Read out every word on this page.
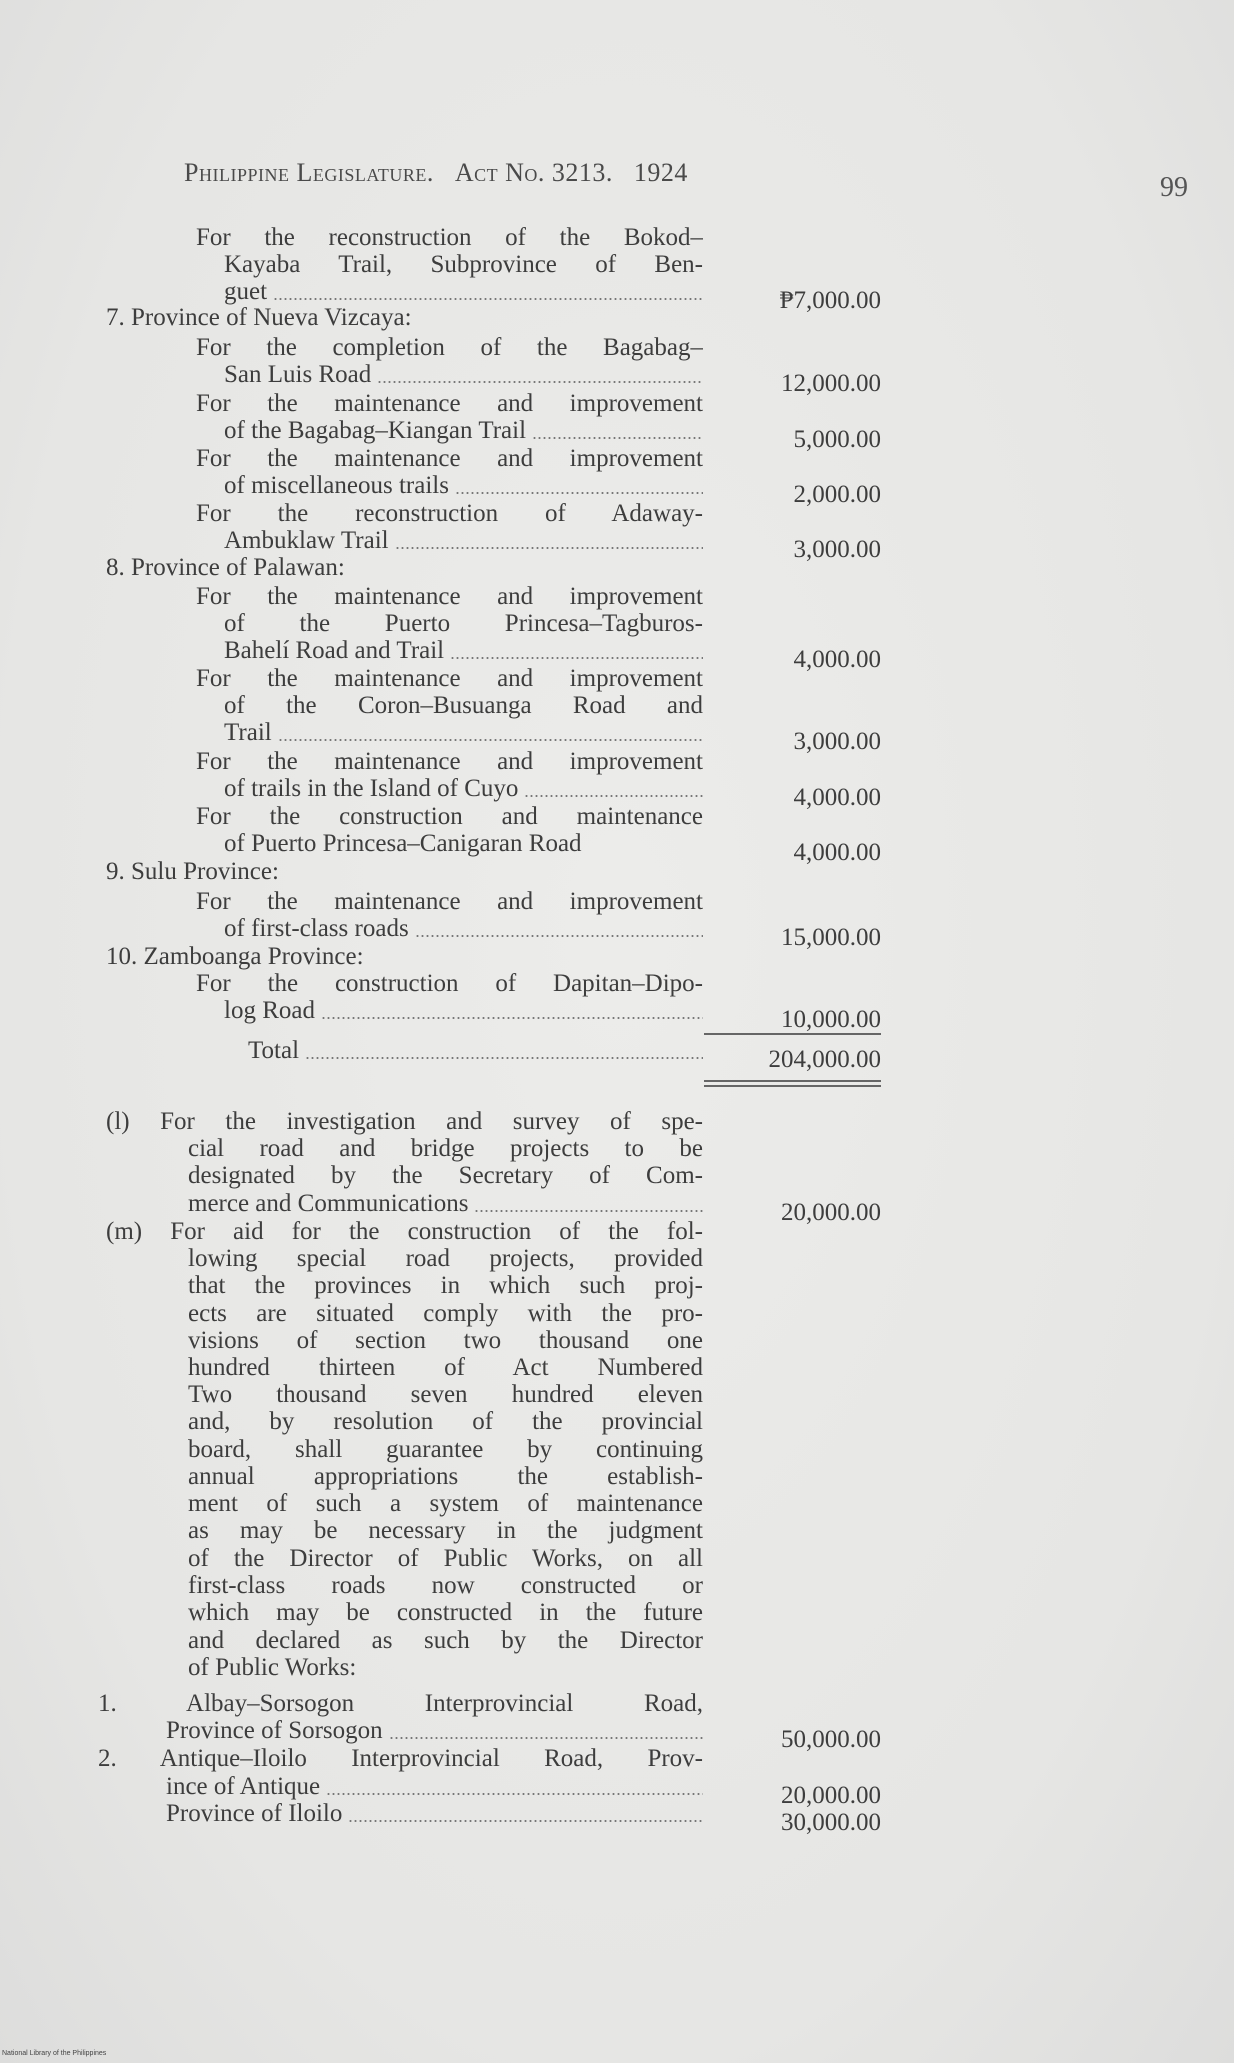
Philippine Legislature. Act No. 3213. 1924	99
For the reconstruction of the Bokod–
Kayaba Trail, Subprovince of Ben-
guet	₱7,000.00
7. Province of Nueva Vizcaya:
For the completion of the Bagabag–
San Luis Road	12,000.00
For the maintenance and improvement
of the Bagabag–Kiangan Trail	5,000.00
For the maintenance and improvement
of miscellaneous trails	2,000.00
For the reconstruction of Adaway-
Ambuklaw Trail	3,000.00
8. Province of Palawan:
For the maintenance and improvement
of the Puerto Princesa–Tagburos-
Bahelí Road and Trail	4,000.00
For the maintenance and improvement
of the Coron–Busuanga Road and
Trail	3,000.00
For the maintenance and improvement
of trails in the Island of Cuyo	4,000.00
For the construction and maintenance
of Puerto Princesa–Canigaran Road	4,000.00
9. Sulu Province:
For the maintenance and improvement
of first-class roads	15,000.00
10. Zamboanga Province:
For the construction of Dapitan–Dipo-
log Road	10,000.00
Total	204,000.00
(l) For the investigation and survey of spe-
cial road and bridge projects to be
designated by the Secretary of Com-
merce and Communications	20,000.00
(m) For aid for the construction of the fol-
lowing special road projects, provided
that the provinces in which such proj-
ects are situated comply with the pro-
visions of section two thousand one
hundred thirteen of Act Numbered
Two thousand seven hundred eleven
and, by resolution of the provincial
board, shall guarantee by continuing
annual appropriations the establish-
ment of such a system of maintenance
as may be necessary in the judgment
of the Director of Public Works, on all
first-class roads now constructed or
which may be constructed in the future
and declared as such by the Director
of Public Works:
1. Albay–Sorsogon Interprovincial Road,
Province of Sorsogon	50,000.00
2. Antique–Iloilo Interprovincial Road, Prov-
ince of Antique	20,000.00
Province of Iloilo	30,000.00
National Library of the Philippines
